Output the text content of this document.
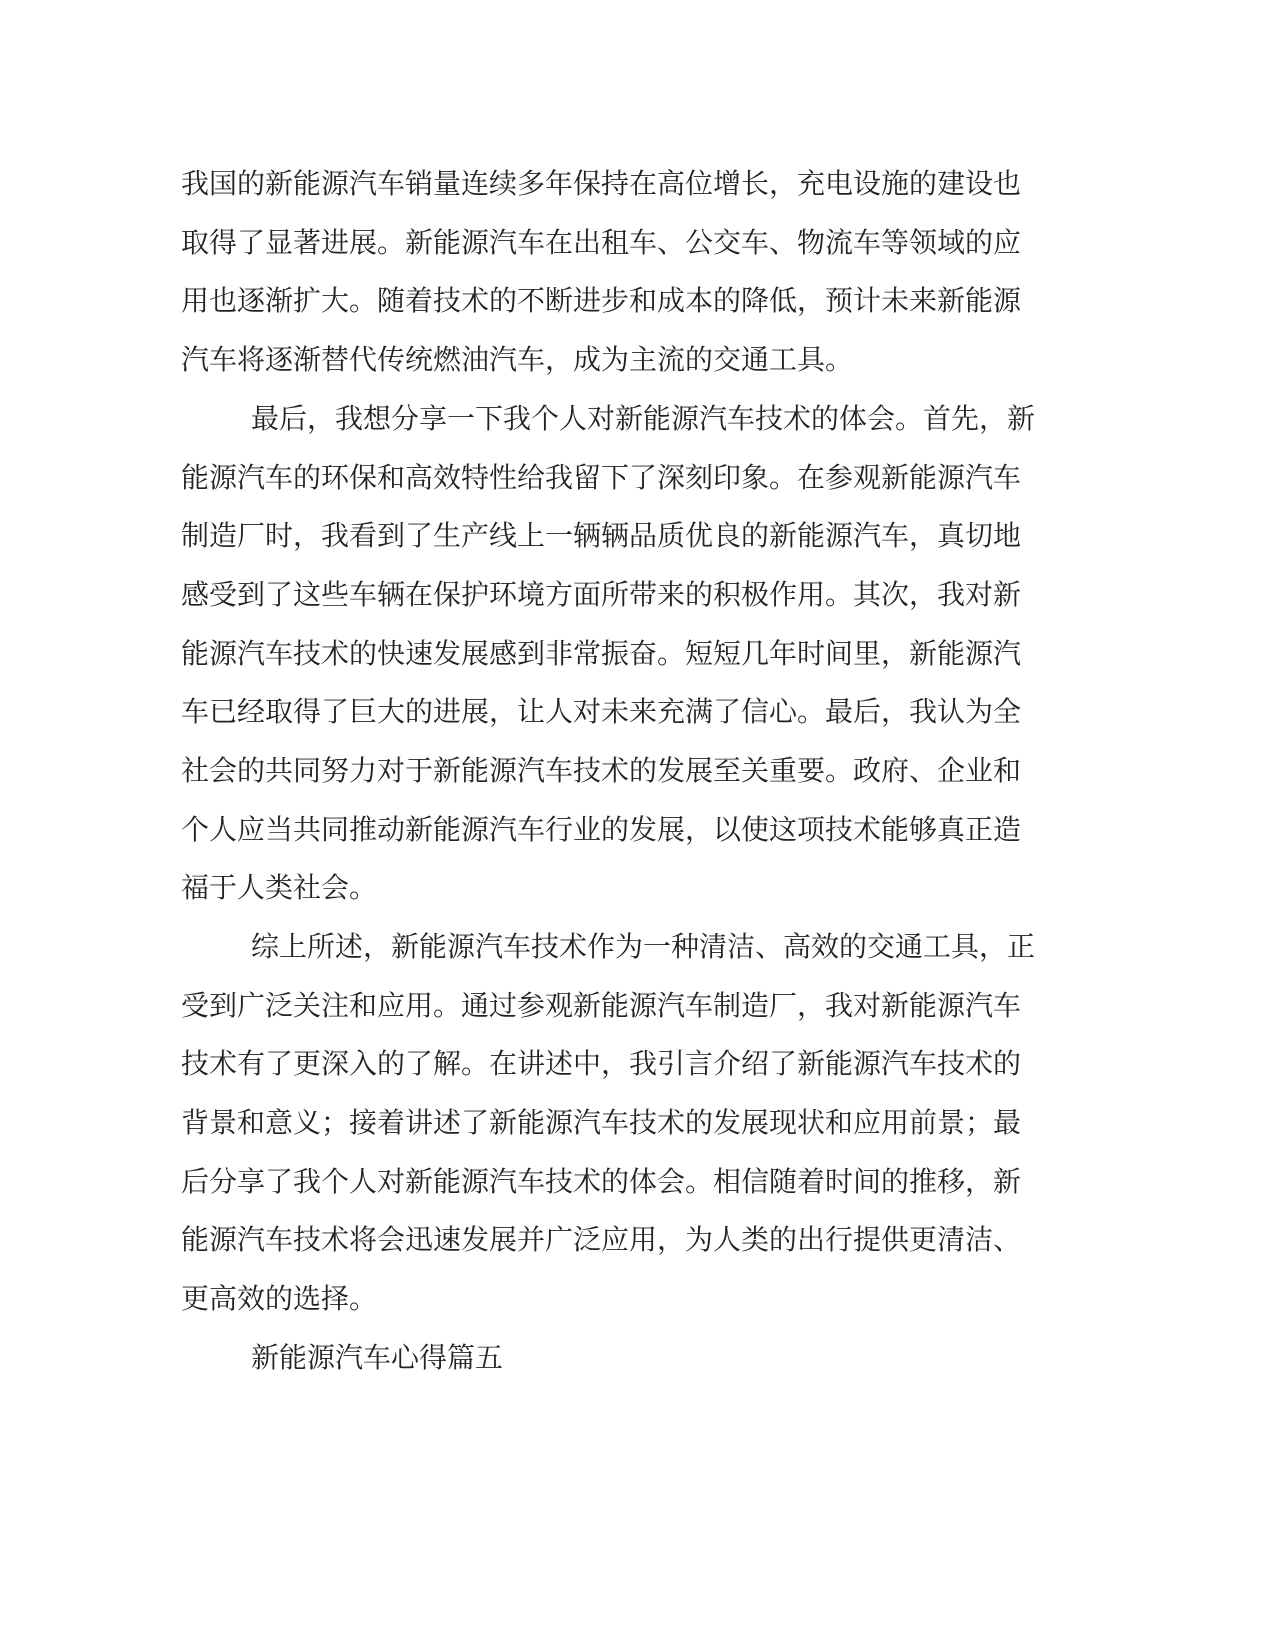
我国的新能源汽车销量连续多年保持在高位增长，充电设施的建设也

取得了显著进展。新能源汽车在出租车、公交车、物流车等领域的应

用也逐渐扩大。随着技术的不断进步和成本的降低，预计未来新能源

汽车将逐渐替代传统燃油汽车，成为主流的交通工具。

最后，我想分享一下我个人对新能源汽车技术的体会。首先，新

能源汽车的环保和高效特性给我留下了深刻印象。在参观新能源汽车

制造厂时，我看到了生产线上一辆辆品质优良的新能源汽车，真切地

感受到了这些车辆在保护环境方面所带来的积极作用。其次，我对新

能源汽车技术的快速发展感到非常振奋。短短几年时间里，新能源汽

车已经取得了巨大的进展，让人对未来充满了信心。最后，我认为全

社会的共同努力对于新能源汽车技术的发展至关重要。政府、企业和

个人应当共同推动新能源汽车行业的发展，以使这项技术能够真正造

福于人类社会。

综上所述，新能源汽车技术作为一种清洁、高效的交通工具，正

受到广泛关注和应用。通过参观新能源汽车制造厂，我对新能源汽车

技术有了更深入的了解。在讲述中，我引言介绍了新能源汽车技术的

背景和意义；接着讲述了新能源汽车技术的发展现状和应用前景；最

后分享了我个人对新能源汽车技术的体会。相信随着时间的推移，新

能源汽车技术将会迅速发展并广泛应用，为人类的出行提供更清洁、

更高效的选择。

新能源汽车心得篇五
